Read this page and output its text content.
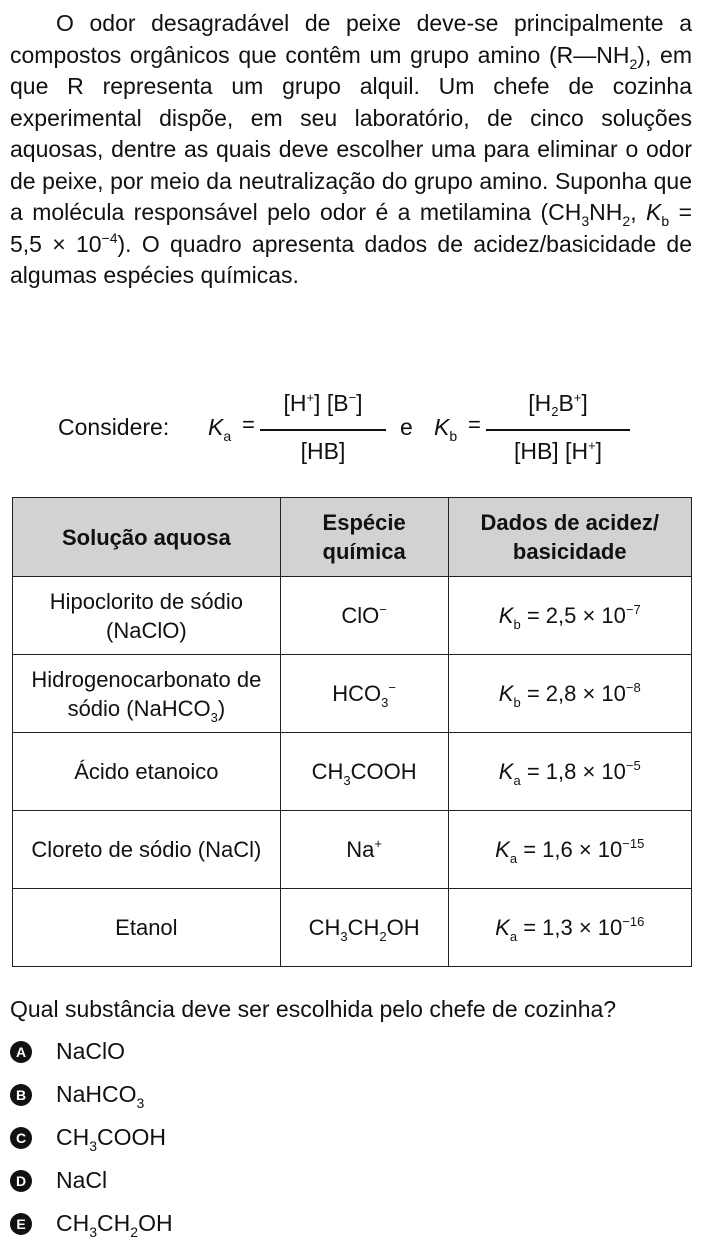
O odor desagradável de peixe deve-se principalmente a compostos orgânicos que contêm um grupo amino $(R—NH_2)$, em que R representa um grupo alquil. Um chefe de cozinha experimental dispõe, em seu laboratório, de cinco soluções aquosas, dentre as quais deve escolher uma para eliminar o odor de peixe, por meio da neutralização do grupo amino. Suponha que a molécula responsável pelo odor é a metilamina ($CH_3NH_2$, $K_b = 5,5 \times 10^{-4}$). O quadro apresenta dados de acidez/basicidade de algumas espécies químicas.

Considere: $K_a$ =
[H+] [B−]
[HB]
e $K_b$ =
$[H_2B^+]$
[HB] [H+]
Solução aquosa	Espécie química	Dados de acidez/ basicidade
Hipoclorito de sódio (NaClO)	ClO−	$K_b = 2,5 \times 10^{-7}$
Hidrogenocarbonato de sódio (NaHCO$_3$)	$HCO_3^-$	$K_b = 2,8 \times 10^{-8}$
Ácido etanoico	$CH_3COOH$	$K_a = 1,8 \times 10^{-5}$
Cloreto de sódio (NaCl)	Na+	$K_a = 1,6 \times 10^{-15}$
Etanol	$CH_3CH_2OH$	$K_a = 1,3 \times 10^{-16}$
Qual substância deve ser escolhida pelo chefe de cozinha?
A NaClO
B NaHCO$_3$
C $CH_3COOH$
D NaCl
E $CH_3CH_2OH$
